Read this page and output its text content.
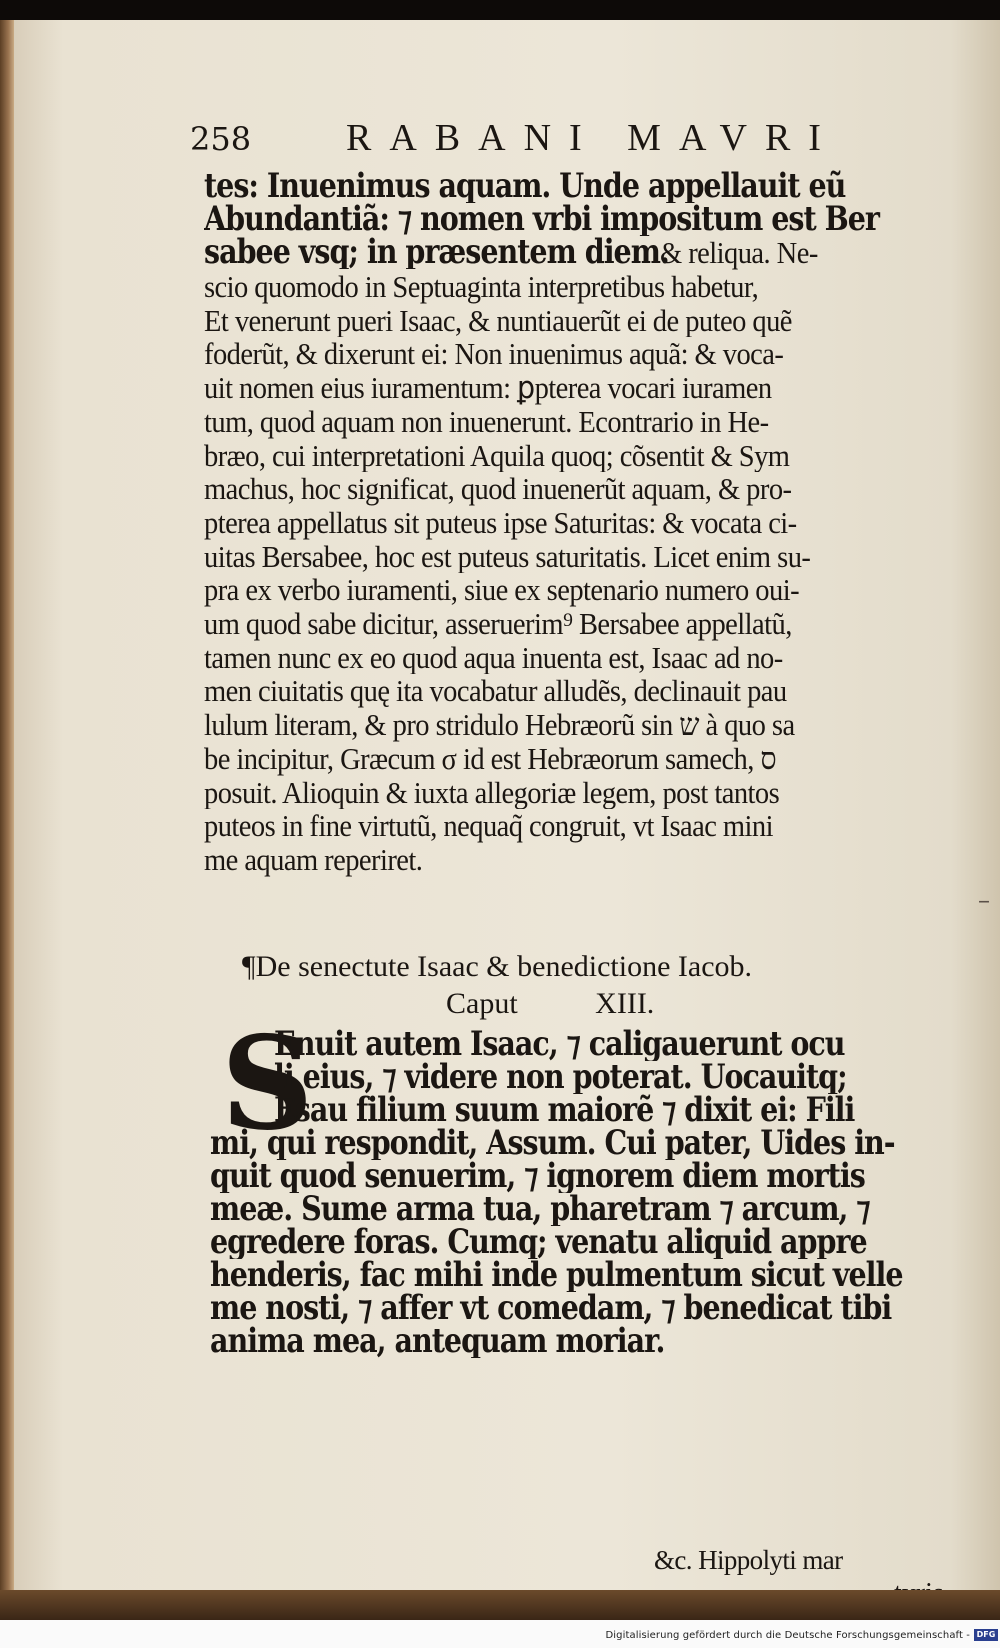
258 RABANI MAVRI
tes: Inuenimus aquam. Unde appellauit eũ
Abundantiã: ⁊ nomen vrbi impositum est Ber
sabee vsq; in præsentem diem.
& reliqua. Ne-
scio quomodo in Septuaginta interpretibus habetur,
Et venerunt pueri Isaac, & nuntiauerũt ei de puteo quẽ
foderũt, & dixerunt ei: Non inuenimus aquã: & voca-
uit nomen eius iuramentum: ꝑpterea vocari iuramen
tum, quod aquam non inuenerunt. Econtrario in He-
bræo, cui interpretationi Aquila quoq; cõsentit & Sym
machus, hoc significat, quod inuenerũt aquam, & pro-
pterea appellatus sit puteus ipse Saturitas: & vocata ci-
uitas Bersabee, hoc est puteus saturitatis. Licet enim su-
pra ex verbo iuramenti, siue ex septenario numero oui-
um quod sabe dicitur, asseruerim⁹ Bersabee appellatũ,
tamen nunc ex eo quod aqua inuenta est, Isaac ad no-
men ciuitatis quę ita vocabatur alludẽs, declinauit pau
lulum literam, & pro stridulo Hebræorũ sin ש à quo sa
be incipitur, Græcum σ id est Hebræorum samech, ס
posuit. Alioquin & iuxta allegoriæ legem, post tantos
puteos in fine virtutũ, nequaq̃ congruit, vt Isaac mini
me aquam reperiret.
–
¶De senectute Isaac & benedictione Iacob.
Caput	XIII.
S
Enuit autem Isaac, ⁊ caligauerunt ocu
li eius, ⁊ videre non poterat. Uocauitq;
Esau filium suum maiorẽ ⁊ dixit ei: Fili
mi, qui respondit, Assum. Cui pater, Uides in-
quit quod senuerim, ⁊ ignorem diem mortis
meæ. Sume arma tua, pharetram ⁊ arcum, ⁊
egredere foras. Cumq; venatu aliquid appre
henderis, fac mihi inde pulmentum sicut velle
me nosti, ⁊ affer vt comedam, ⁊ benedicat tibi
anima mea, antequam moriar.
&c. Hippolyti mar
Digitalisierung gefördert durch die Deutsche Forschungsgemeinschaft - DFG
